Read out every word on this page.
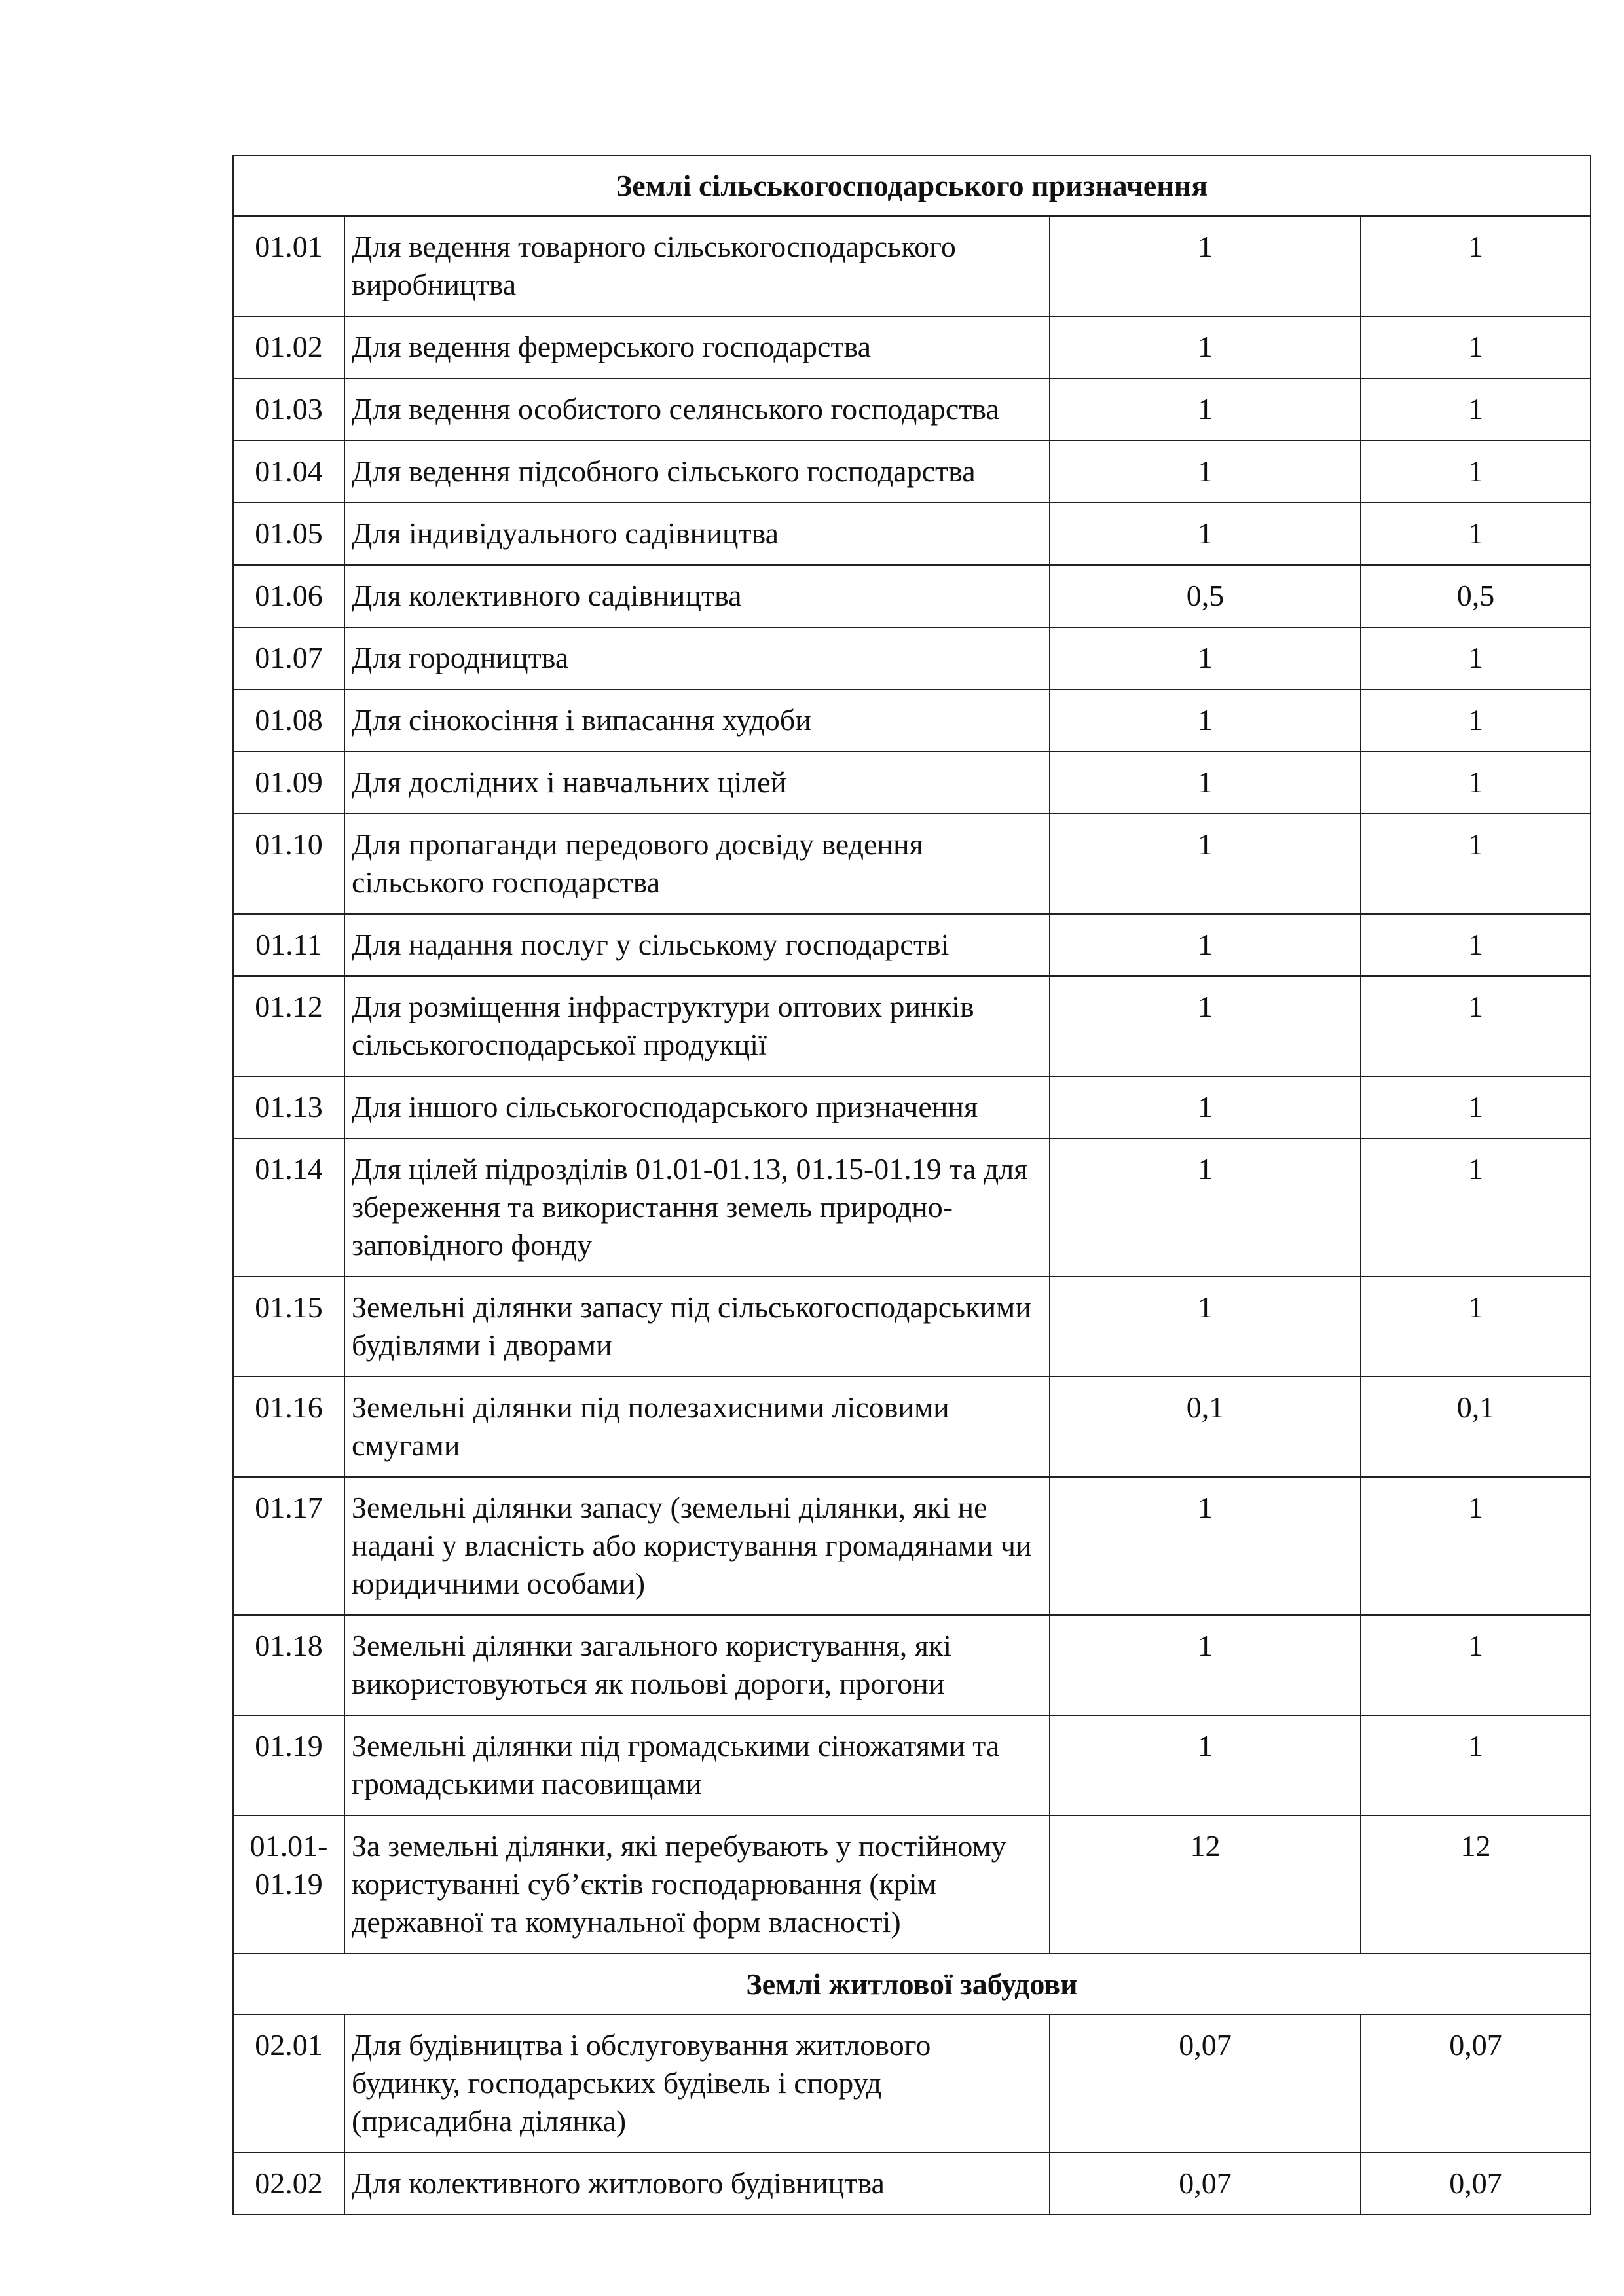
Землі сільськогосподарського призначення			
01.01	Для ведення товарного сільськогосподарського виробництва	1	1
01.02	Для ведення фермерського господарства	1	1
01.03	Для ведення особистого селянського господарства	1	1
01.04	Для ведення підсобного сільського господарства	1	1
01.05	Для індивідуального садівництва	1	1
01.06	Для колективного садівництва	0,5	0,5
01.07	Для городництва	1	1
01.08	Для сінокосіння і випасання худоби	1	1
01.09	Для дослідних і навчальних цілей	1	1
01.10	Для пропаганди передового досвіду ведення сільського господарства	1	1
01.11	Для надання послуг у сільському господарстві	1	1
01.12	Для розміщення інфраструктури оптових ринків сільськогосподарської продукції	1	1
01.13	Для іншого сільськогосподарського призначення	1	1
01.14	Для цілей підрозділів 01.01-01.13, 01.15-01.19 та для збереження та використання земель природно-заповідного фонду	1	1
01.15	Земельні ділянки запасу під сільськогосподарськими будівлями і дворами	1	1
01.16	Земельні ділянки під полезахисними лісовими смугами	0,1	0,1
01.17	Земельні ділянки запасу (земельні ділянки, які не надані у власність або користування громадянами чи юридичними особами)	1	1
01.18	Земельні ділянки загального користування, які використовуються як польові дороги, прогони	1	1
01.19	Земельні ділянки під громадськими сіножатями та громадськими пасовищами	1	1
01.01-01.19	За земельні ділянки, які перебувають у постійному користуванні суб’єктів господарювання (крім державної та комунальної форм власності)	12	12
Землі житлової забудови			
02.01	Для будівництва і обслуговування житлового будинку, господарських будівель і споруд (присадибна ділянка)	0,07	0,07
02.02	Для колективного житлового будівництва	0,07	0,07
